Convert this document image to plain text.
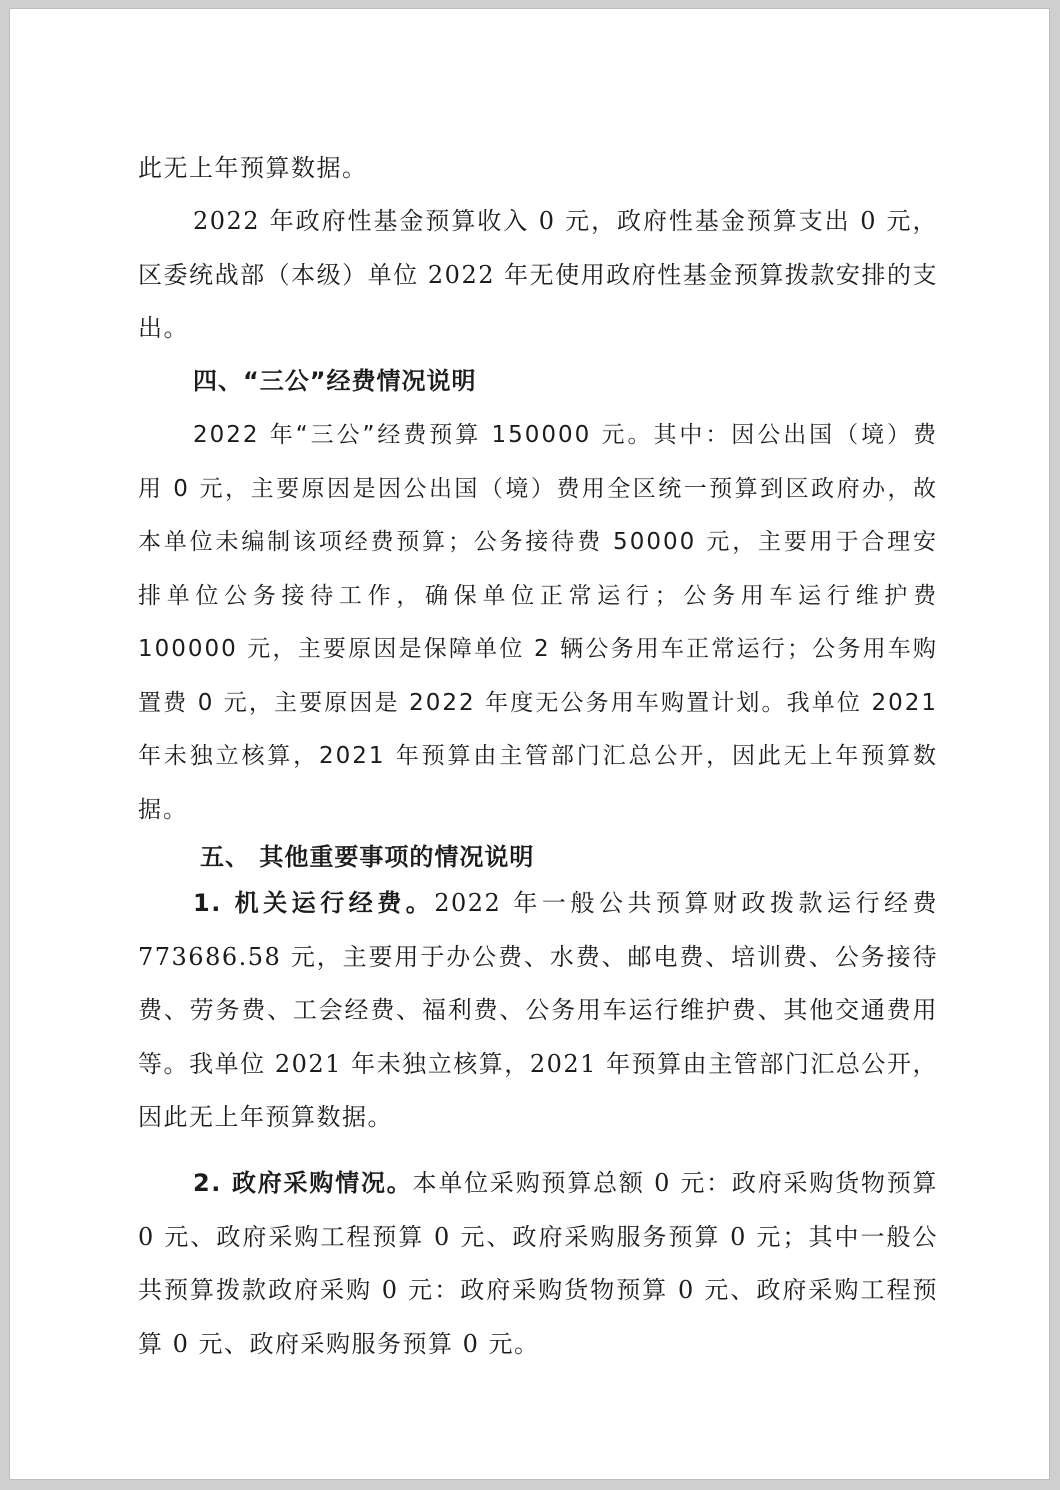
此无上年预算数据。

2022 年政府性基金预算收入 0 元，政府性基金预算支出 0 元，区委统战部（本级）单位 2022 年无使用政府性基金预算拨款安排的支出。

四、“三公”经费情况说明

2022 年“三公”经费预算 150000 元。其中：因公出国（境）费用 0 元，主要原因是因公出国（境）费用全区统一预算到区政府办，故本单位未编制该项经费预算；公务接待费 50000 元，主要用于合理安排单位公务接待工作，确保单位正常运行；公务用车运行维护费 100000 元，主要原因是保障单位 2 辆公务用车正常运行；公务用车购置费 0 元，主要原因是 2022 年度无公务用车购置计划。我单位 2021 年未独立核算，2021 年预算由主管部门汇总公开，因此无上年预算数据。

五、 其他重要事项的情况说明

1. 机关运行经费。2022 年一般公共预算财政拨款运行经费 773686.58 元，主要用于办公费、水费、邮电费、培训费、公务接待费、劳务费、工会经费、福利费、公务用车运行维护费、其他交通费用等。我单位 2021 年未独立核算，2021 年预算由主管部门汇总公开，因此无上年预算数据。

2. 政府采购情况。本单位采购预算总额 0 元：政府采购货物预算 0 元、政府采购工程预算 0 元、政府采购服务预算 0 元；其中一般公共预算拨款政府采购 0 元：政府采购货物预算 0 元、政府采购工程预算 0 元、政府采购服务预算 0 元。
